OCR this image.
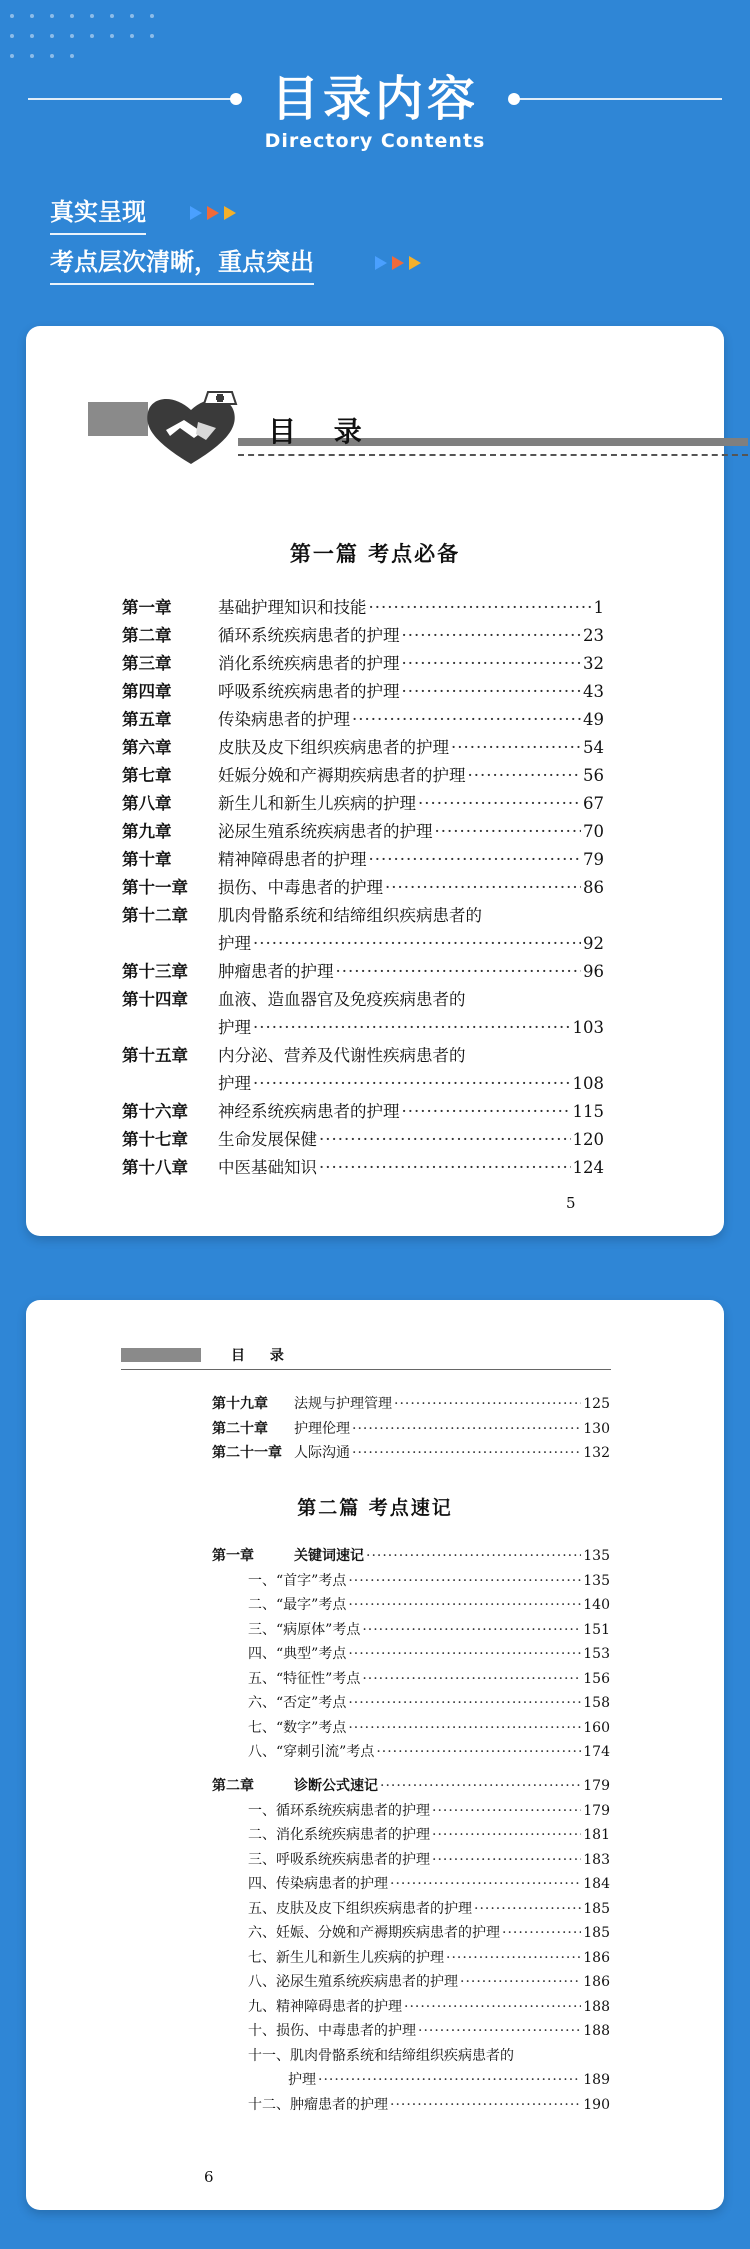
目录内容
Directory Contents
真实呈现
考点层次清晰，重点突出
目 录
第一篇 考点必备
第一章	基础护理知识和技能 ·····	1
第二章	循环系统疾病患者的护理 ·····	23
第三章	消化系统疾病患者的护理 ·····	32
第四章	呼吸系统疾病患者的护理 ·····	43
第五章	传染病患者的护理 ·····	49
第六章	皮肤及皮下组织疾病患者的护理 ·····	54
第七章	妊娠分娩和产褥期疾病患者的护理 ·····	56
第八章	新生儿和新生儿疾病的护理 ·····	67
第九章	泌尿生殖系统疾病患者的护理 ·····	70
第十章	精神障碍患者的护理 ·····	79
第十一章	损伤、中毒患者的护理 ·····	86
第十二章	肌肉骨骼系统和结缔组织疾病患者的
护理 ·····	92
第十三章	肿瘤患者的护理 ·····	96
第十四章	血液、造血器官及免疫疾病患者的
护理 ·····	103
第十五章	内分泌、营养及代谢性疾病患者的
护理 ·····	108
第十六章	神经系统疾病患者的护理 ·····	115
第十七章	生命发展保健 ·····	120
第十八章	中医基础知识 ·····	124
5
目 录
第十九章	法规与护理管理 ·····	125
第二十章	护理伦理 ·····	130
第二十一章 人际沟通 ·····	132
第二篇 考点速记
第一章	关键词速记 ·····	135
一、“首字”考点 ·····	135
二、“最字”考点 ·····	140
三、“病原体”考点 ·····	151
四、“典型”考点 ·····	153
五、“特征性”考点 ·····	156
六、“否定”考点 ·····	158
七、“数字”考点 ·····	160
八、“穿刺引流”考点 ·····	174
第二章	诊断公式速记 ·····	179
一、循环系统疾病患者的护理 ·····	179
二、消化系统疾病患者的护理 ·····	181
三、呼吸系统疾病患者的护理 ·····	183
四、传染病患者的护理 ·····	184
五、皮肤及皮下组织疾病患者的护理 ·····	185
六、妊娠、分娩和产褥期疾病患者的护理 ·····	185
七、新生儿和新生儿疾病的护理 ·····	186
八、泌尿生殖系统疾病患者的护理 ·····	186
九、精神障碍患者的护理 ·····	188
十、损伤、中毒患者的护理 ·····	188
十一、肌肉骨骼系统和结缔组织疾病患者的
护理 ·····	189
十二、肿瘤患者的护理 ·····	190
6
